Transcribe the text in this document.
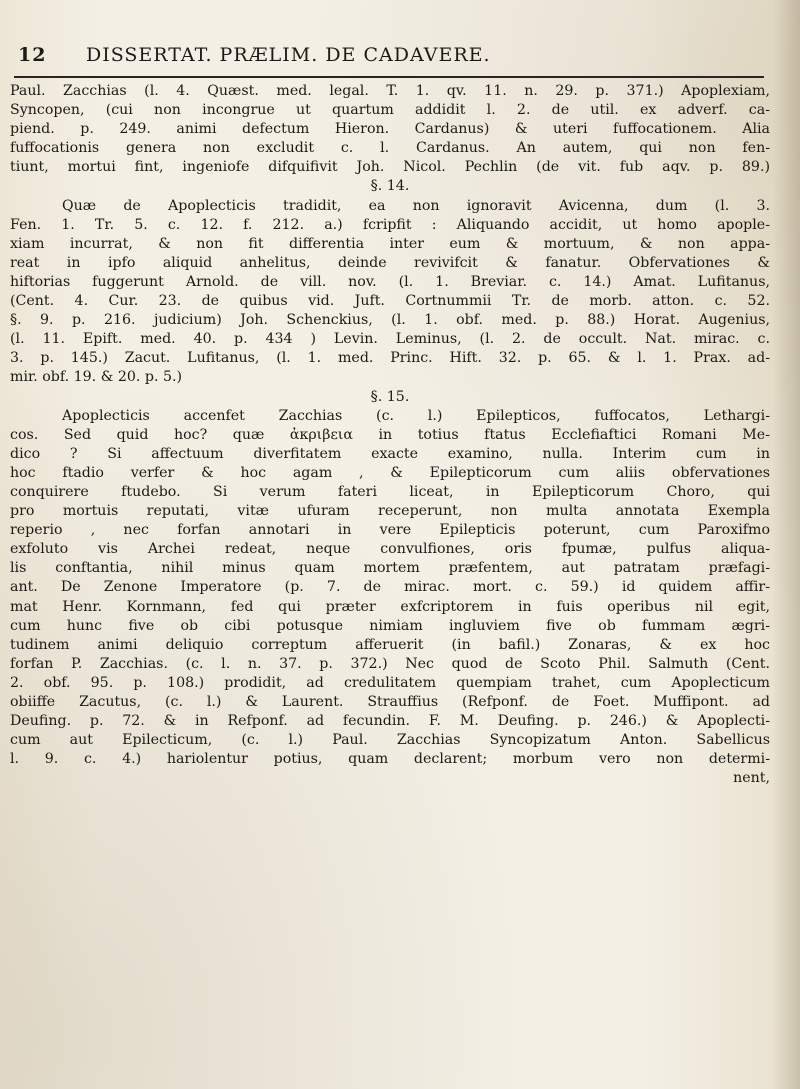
12 DISSERTAT. PRÆLIM. DE CADAVERE.
Paul. Zacchias (l. 4. Quæst. med. legal. T. 1. qv. 11. n. 29. p. 371.) Apoplexiam,
Syncopen, (cui non incongrue ut quartum addidit l. 2. de util. ex adverf. ca-
piend. p. 249. animi defectum Hieron. Cardanus) & uteri fuffocationem. Alia
fuffocationis genera non excludit c. l. Cardanus. An autem, qui non fen-
tiunt, mortui fint, ingeniofe difquifivit Joh. Nicol. Pechlin (de vit. fub aqv. p. 89.)
§. 14.
Quæ de Apoplecticis tradidit, ea non ignoravit Avicenna, dum (l. 3.
Fen. 1. Tr. 5. c. 12. f. 212. a.) fcripfit : Aliquando accidit, ut homo apople-
xiam incurrat, & non fit differentia inter eum & mortuum, & non appa-
reat in ipfo aliquid anhelitus, deinde revivifcit & fanatur. Obfervationes &
hiftorias fuggerunt Arnold. de vill. nov. (l. 1. Breviar. c. 14.) Amat. Lufitanus,
(Cent. 4. Cur. 23. de quibus vid. Juft. Cortnummii Tr. de morb. atton. c. 52.
§. 9. p. 216. judicium) Joh. Schenckius, (l. 1. obf. med. p. 88.) Horat. Augenius,
(l. 11. Epift. med. 40. p. 434 ) Levin. Leminus, (l. 2. de occult. Nat. mirac. c.
3. p. 145.) Zacut. Lufitanus, (l. 1. med. Princ. Hift. 32. p. 65. & l. 1. Prax. ad-
mir. obf. 19. & 20. p. 5.)
§. 15.
Apoplecticis accenfet Zacchias (c. l.) Epilepticos, fuffocatos, Lethargi-
cos. Sed quid hoc? quæ ἀκριβεια in totius ftatus Ecclefiaftici Romani Me-
dico ? Si affectuum diverfitatem exacte examino, nulla. Interim cum in
hoc ftadio verfer & hoc agam , & Epilepticorum cum aliis obfervationes
conquirere ftudebo. Si verum fateri liceat, in Epilepticorum Choro, qui
pro mortuis reputati, vitæ ufuram receperunt, non multa annotata Exempla
reperio , nec forfan annotari in vere Epilepticis poterunt, cum Paroxifmo
exfoluto vis Archei redeat, neque convulfiones, oris fpumæ, pulfus aliqua-
lis conftantia, nihil minus quam mortem præfentem, aut patratam præfagi-
ant. De Zenone Imperatore (p. 7. de mirac. mort. c. 59.) id quidem affir-
mat Henr. Kornmann, fed qui præter exfcriptorem in fuis operibus nil egit,
cum hunc five ob cibi potusque nimiam ingluviem five ob fummam ægri-
tudinem animi deliquio correptum afferuerit (in bafil.) Zonaras, & ex hoc
forfan P. Zacchias. (c. l. n. 37. p. 372.) Nec quod de Scoto Phil. Salmuth (Cent.
2. obf. 95. p. 108.) prodidit, ad credulitatem quempiam trahet, cum Apoplecticum
obiiffe Zacutus, (c. l.) & Laurent. Strauffius (Refponf. de Foet. Muffipont. ad
Deufing. p. 72. & in Refponf. ad fecundin. F. M. Deufing. p. 246.) & Apoplecti-
cum aut Epilecticum, (c. l.) Paul. Zacchias Syncopizatum Anton. Sabellicus
l. 9. c. 4.) hariolentur potius, quam declarent; morbum vero non determi-
nent,
